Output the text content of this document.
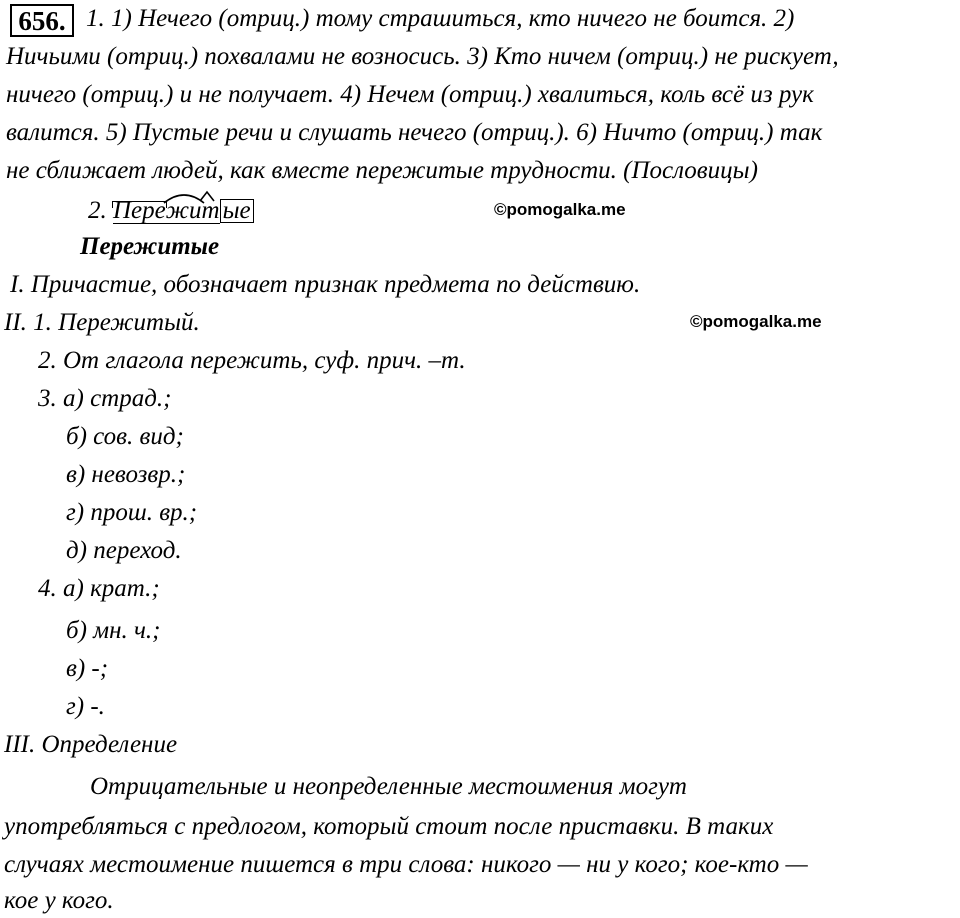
656. 1. 1) Нечего (отриц.) тому страшиться, кто ничего не боится. 2)
Ничьими (отриц.) похвалами не возносись. 3) Кто ничем (отриц.) не рискует,
ничего (отриц.) и не получает. 4) Нечем (отриц.) хвалиться, коль всё из рук
валится. 5) Пустые речи и слушать нечего (отриц.). 6) Ничто (отриц.) так
не сближает людей, как вместе пережитые трудности. (Пословицы)
2. Пере
жи
т ые	©pomogalka.me
©pomogalka.me
Пережитые
I. Причастие, обозначает признак предмета по действию.
II. 1. Пережитый.
2. От глагола пережить, суф. прич. –т.
3. а) страд.;
б) сов. вид;
в) невозвр.;
г) прош. вр.;
д) переход.
4. а) крат.;
б) мн. ч.;
в) -;
г) -.
III. Определение
Отрицательные и неопределенные местоимения могут
употребляться с предлогом, который стоит после приставки. В таких
случаях местоимение пишется в три слова: никого — ни у кого; кое-кто —
кое у кого.
